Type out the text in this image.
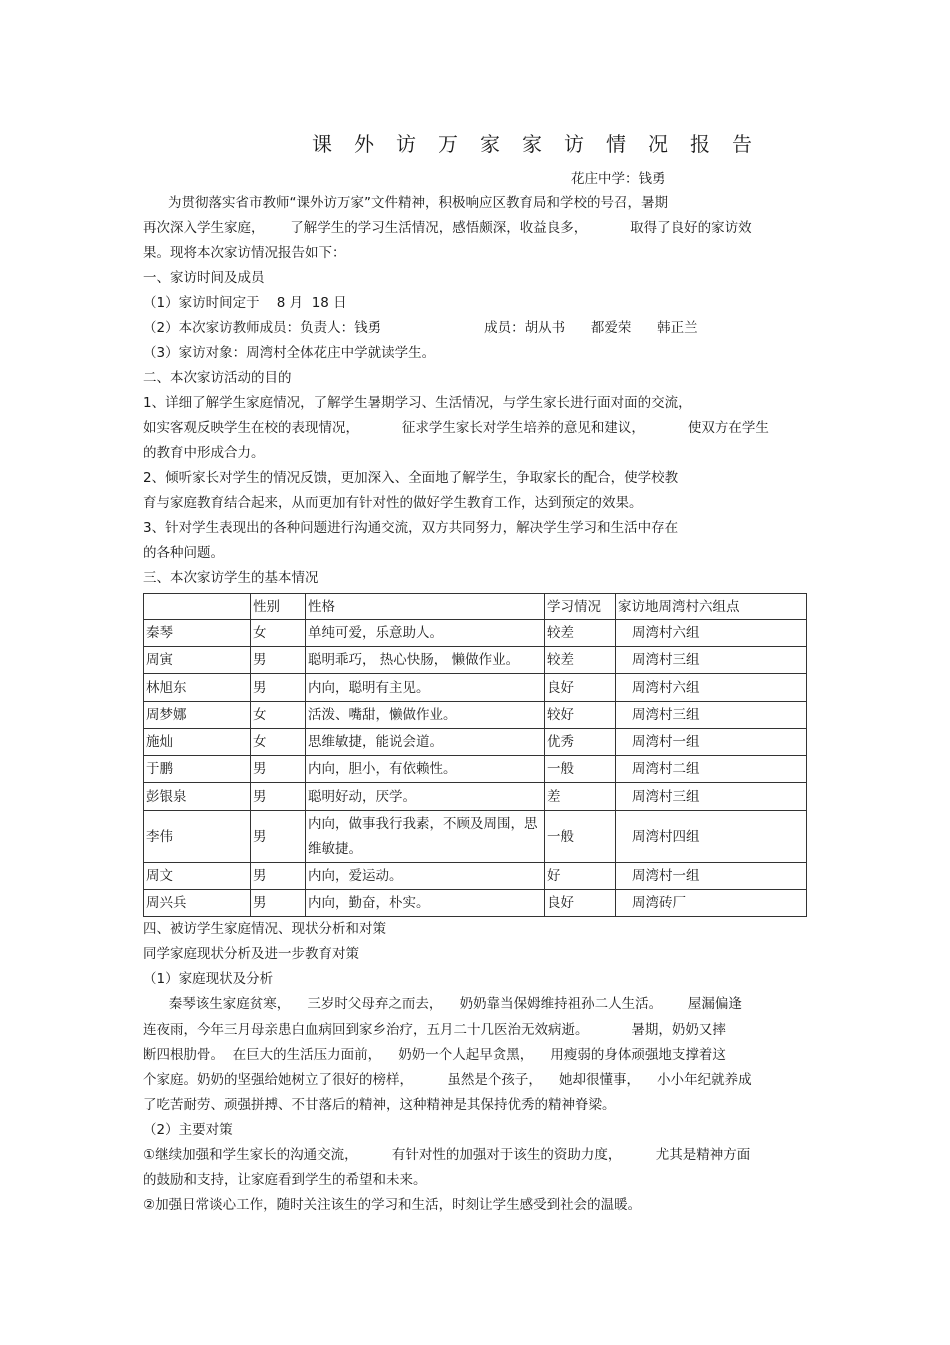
课外访万家家访情况报告
花庄中学：钱勇
为贯彻落实省市教师“课外访万家”文件精神，积极响应区教育局和学校的号召，暑期
再次深入学生家庭，      了解学生的学习生活情况，感悟颇深，收益良多，          取得了良好的家访效
果。现将本次家访情况报告如下：
一、家访时间及成员
（1）家访时间定于    8 月  18 日
（2）本次家访教师成员：负责人：钱勇                        成员：胡从书      都爱荣      韩正兰
（3）家访对象：周湾村全体花庄中学就读学生。
二、本次家访活动的目的
1、详细了解学生家庭情况，了解学生暑期学习、生活情况，与学生家长进行面对面的交流，
如实客观反映学生在校的表现情况，          征求学生家长对学生培养的意见和建议，          使双方在学生
的教育中形成合力。
2、倾听家长对学生的情况反馈，更加深入、全面地了解学生，争取家长的配合，使学校教
育与家庭教育结合起来，从而更加有针对性的做好学生教育工作，达到预定的效果。
3、针对学生表现出的各种问题进行沟通交流，双方共同努力，解决学生学习和生活中存在
的各种问题。
三、本次家访学生的基本情况
	性别	性格	学习情况	家访地周湾村六组点
秦琴	女	单纯可爱，乐意助人。	较差	周湾村六组
周寅	男	聪明乖巧， 热心快肠， 懒做作业。	较差	周湾村三组
林旭东	男	内向，聪明有主见。	良好	周湾村六组
周梦娜	女	活泼、嘴甜，懒做作业。	较好	周湾村三组
施灿	女	思维敏捷，能说会道。	优秀	周湾村一组
于鹏	男	内向，胆小，有依赖性。	一般	周湾村二组
彭银泉	男	聪明好动，厌学。	差	周湾村三组
李伟	男	内向，做事我行我素，不顾及周围，思维敏捷。	一般	周湾村四组
周文	男	内向，爱运动。	好	周湾村一组
周兴兵	男	内向，勤奋，朴实。	良好	周湾砖厂
四、被访学生家庭情况、现状分析和对策
同学家庭现状分析及进一步教育对策
（1）家庭现状及分析
秦琴该生家庭贫寒，    三岁时父母弃之而去，    奶奶靠当保姆维持祖孙二人生活。      屋漏偏逢
连夜雨，今年三月母亲患白血病回到家乡治疗，五月二十几医治无效病逝。          暑期，奶奶又摔
断四根肋骨。  在巨大的生活压力面前，    奶奶一个人起早贪黑，    用瘦弱的身体顽强地支撑着这
个家庭。奶奶的坚强给她树立了很好的榜样，        虽然是个孩子，    她却很懂事，    小小年纪就养成
了吃苦耐劳、顽强拼搏、不甘落后的精神，这种精神是其保持优秀的精神脊梁。
（2）主要对策
①继续加强和学生家长的沟通交流，        有针对性的加强对于该生的资助力度，        尤其是精神方面
的鼓励和支持，让家庭看到学生的希望和未来。
②加强日常谈心工作，随时关注该生的学习和生活，时刻让学生感受到社会的温暖。
